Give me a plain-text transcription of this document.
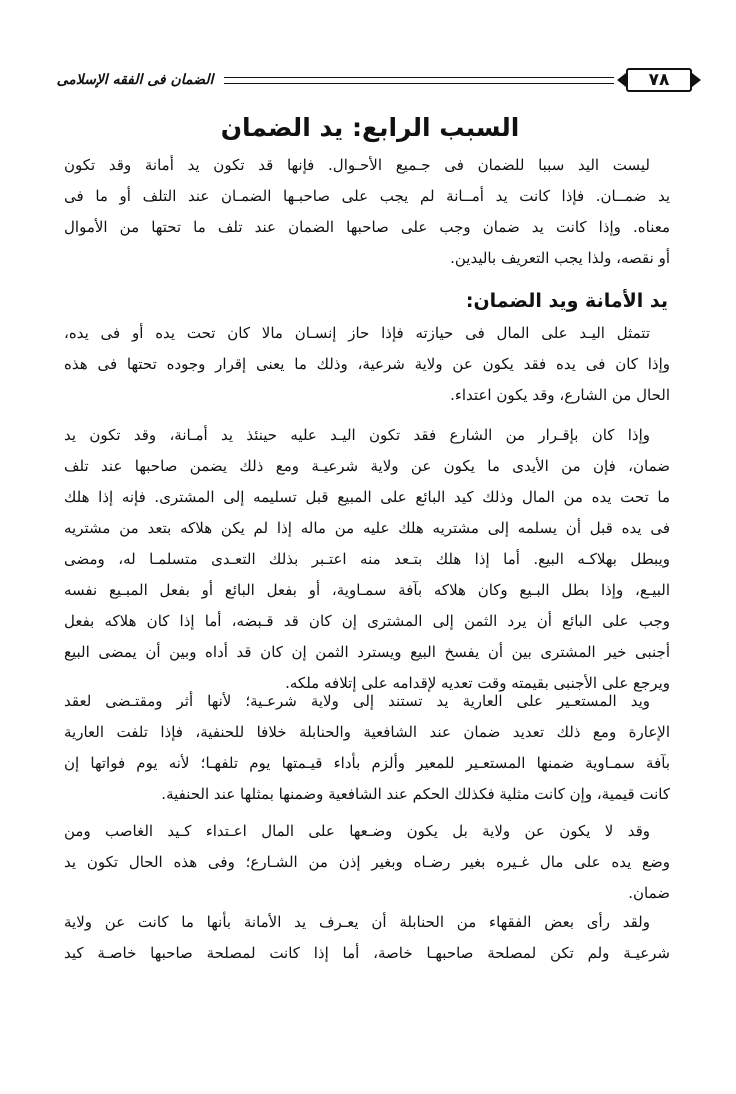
٧٨
الضمان فى الفقه الإسلامى
السبب الرابع: يد الضمان
ليست اليد سببا للضمان فى جـميع الأحـوال. فإنها قد تكون يد أمانة وقد تكون
يد ضمــان. فإذا كانت يد أمــانة لم يجب على صاحبـها الضمـان عند التلف أو ما فى
معناه. وإذا كانت يد ضمان وجب على صاحبها الضمان عند تلف ما تحتها من الأموال
أو نقصه، ولذا يجب التعريف باليدين.
يد الأمانة ويد الضمان:
تتمثل اليـد على المال فى حيازته فإذا حاز إنسـان مالا كان تحت يده أو فى يده،
وإذا كان فى يده فقد يكون عن ولاية شرعية، وذلك ما يعنى إقرار وجوده تحتها فى هذه
الحال من الشارع، وقد يكون اعتداء.
وإذا كان بإقـرار من الشارع فقد تكون اليـد عليه حينئذ يد أمـانة، وقد تكون يد
ضمان، فإن من الأيدى ما يكون عن ولاية شرعيـة ومع ذلك يضمن صاحبها عند تلف
ما تحت يده من المال وذلك كيد البائع على المبيع قبل تسليمه إلى المشترى. فإنه إذا هلك
فى يده قبل أن يسلمه إلى مشتريه هلك عليه من ماله إذا لم يكن هلاكه بتعد من مشتريه
ويبطل بهلاكـه البيع. أما إذا هلك بتـعد منه اعتـبر بذلك التعـدى متسلمـا له، ومضى
البيـع، وإذا بطل البـيع وكان هلاكه بآفة سمـاوية، أو بفعل البائع أو بفعل المبـيع نفسه
وجب على البائع أن يرد الثمن إلى المشترى إن كان قد قـبضه، أما إذا كان هلاكه بفعل
أجنبى خير المشترى بين أن يفسخ البيع ويسترد الثمن إن كان قد أداه وبين أن يمضى البيع
ويرجع على الأجنبى بقيمته وقت تعديه لإقدامه على إتلافه ملكه.
ويد المستعـير على العارية يد تستند إلى ولاية شرعـية؛ لأنها أثر ومقتـضى لعقد
الإعارة ومع ذلك تعديد ضمان عند الشافعية والحنابلة خلافا للحنفية، فإذا تلفت العارية
بآفة سمـاوية ضمنها المستعـير للمعير وألزم بأداء قيـمتها يوم تلفهـا؛ لأنه يوم فواتها إن
كانت قيمية، وإن كانت مثلية فكذلك الحكم عند الشافعية وضمنها بمثلها عند الحنفية.
وقد لا يكون عن ولاية بل يكون وضـعها على المال اعـتداء كـيد الغاصب ومن
وضع يده على مال غـيره بغير رضـاه وبغير إذن من الشـارع؛ وفى هذه الحال تكون يد
ضمان.
ولقد رأى بعض الفقهاء من الحنابلة أن يعـرف يد الأمانة بأنها ما كانت عن ولاية
شرعيـة ولم تكن لمصلحة صاحبهـا خاصة، أما إذا كانت لمصلحة صاحبها خاصـة كيد
